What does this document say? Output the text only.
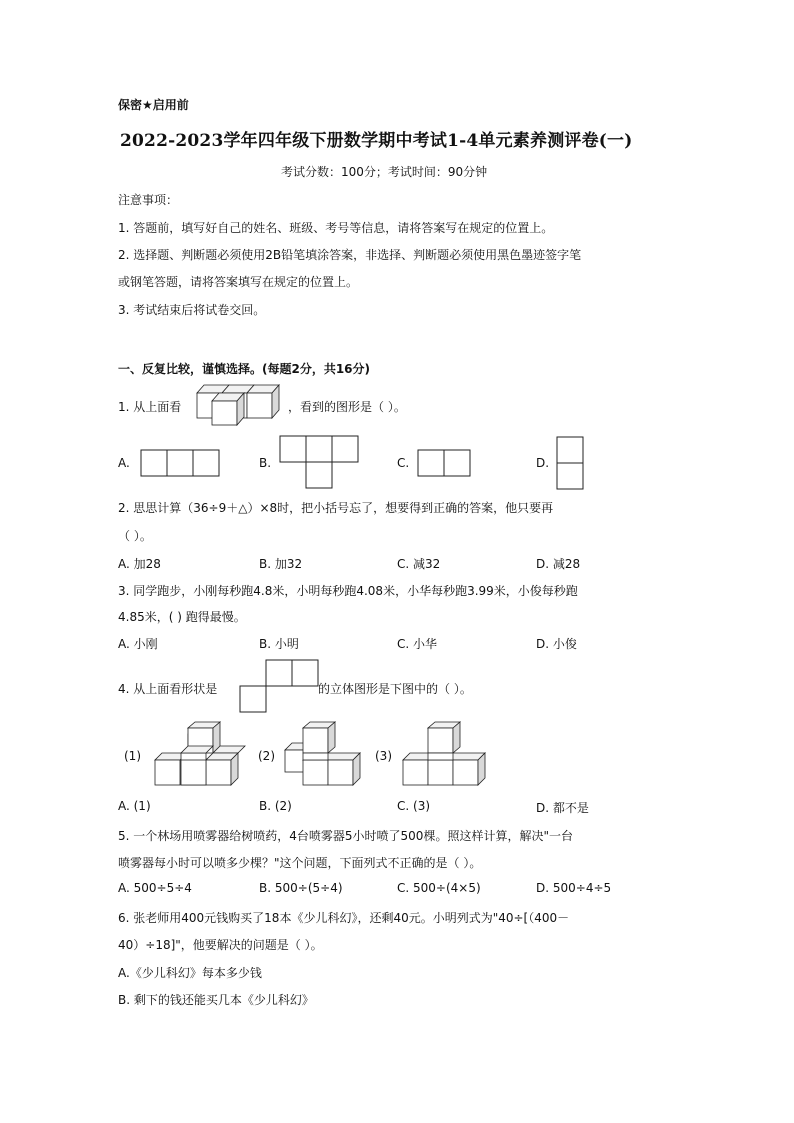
保密★启用前
2022-2023学年四年级下册数学期中考试1-4单元素养测评卷(一)
考试分数：100分；考试时间：90分钟
注意事项：
1. 答题前，填写好自己的姓名、班级、考号等信息，请将答案写在规定的位置上。
2. 选择题、判断题必须使用2B铅笔填涂答案，非选择、判断题必须使用黑色墨迹签字笔
或钢笔答题，请将答案填写在规定的位置上。
3. 考试结束后将试卷交回。
一、反复比较，谨慎选择。(每题2分，共16分)
1. 从上面看	，看到的图形是（ ）。
A.	B.	C.	D.
2. 思思计算（36÷9＋△）×8时，把小括号忘了，想要得到正确的答案，他只要再
（ ）。
A. 加28	B. 加32	C. 减32	D. 减28
3. 同学跑步，小刚每秒跑4.8米，小明每秒跑4.08米，小华每秒跑3.99米，小俊每秒跑
4.85米，( ) 跑得最慢。
A. 小刚	B. 小明	C. 小华	D. 小俊
4. 从上面看形状是	的立体图形是下图中的（ ）。
(1)	(2)	(3)
A. (1)	B. (2)	C. (3)	D. 都不是
5. 一个林场用喷雾器给树喷药，4台喷雾器5小时喷了500棵。照这样计算，解决"一台
喷雾器每小时可以喷多少棵？"这个问题，下面列式不正确的是（ ）。
A. 500÷5÷4	B. 500÷(5÷4)	C. 500÷(4×5)	D. 500÷4÷5
6. 张老师用400元钱购买了18本《少儿科幻》，还剩40元。小明列式为"40÷[（400－
40）÷18]"，他要解决的问题是（ ）。
A.《少儿科幻》每本多少钱
B. 剩下的钱还能买几本《少儿科幻》
